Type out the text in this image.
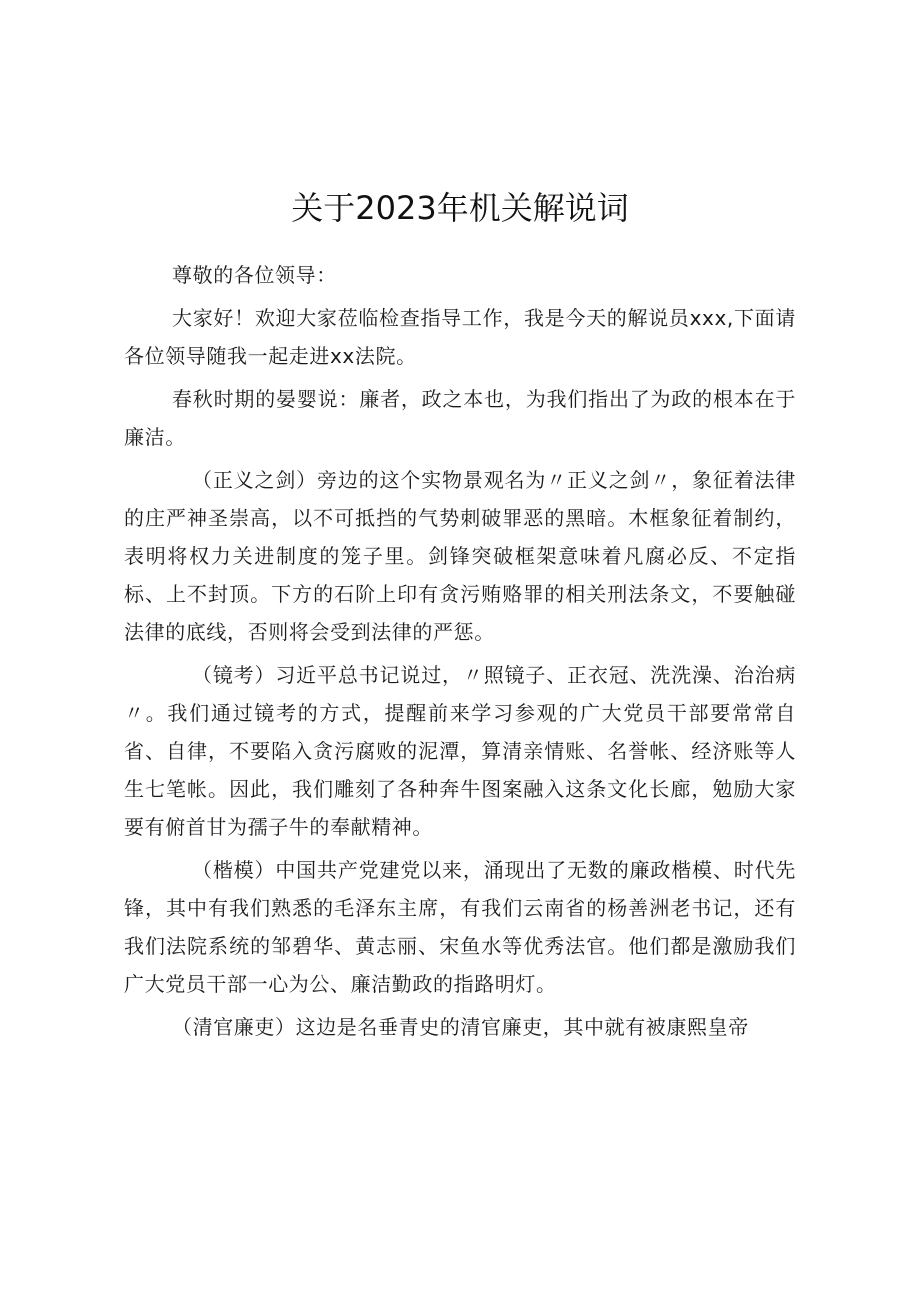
关于2023年机关解说词

尊敬的各位领导：

大家好！欢迎大家莅临检查指导工作，我是今天的解说员xxx,下面请各位领导随我一起走进xx法院。

春秋时期的晏婴说：廉者，政之本也，为我们指出了为政的根本在于廉洁。

（正义之剑）旁边的这个实物景观名为〃正义之剑〃，象征着法律的庄严神圣崇高，以不可抵挡的气势刺破罪恶的黑暗。木框象征着制约，表明将权力关进制度的笼子里。剑锋突破框架意味着凡腐必反、不定指标、上不封顶。下方的石阶上印有贪污贿赂罪的相关刑法条文，不要触碰法律的底线，否则将会受到法律的严惩。

（镜考）习近平总书记说过，〃照镜子、正衣冠、洗洗澡、治治病〃。我们通过镜考的方式，提醒前来学习参观的广大党员干部要常常自省、自律，不要陷入贪污腐败的泥潭，算清亲情账、名誉帐、经济账等人生七笔帐。因此，我们雕刻了各种奔牛图案融入这条文化长廊，勉励大家要有俯首甘为孺子牛的奉献精神。

（楷模）中国共产党建党以来，涌现出了无数的廉政楷模、时代先锋，其中有我们熟悉的毛泽东主席，有我们云南省的杨善洲老书记，还有我们法院系统的邹碧华、黄志丽、宋鱼水等优秀法官。他们都是激励我们广大党员干部一心为公、廉洁勤政的指路明灯。

（清官廉吏）这边是名垂青史的清官廉吏，其中就有被康熙皇帝
